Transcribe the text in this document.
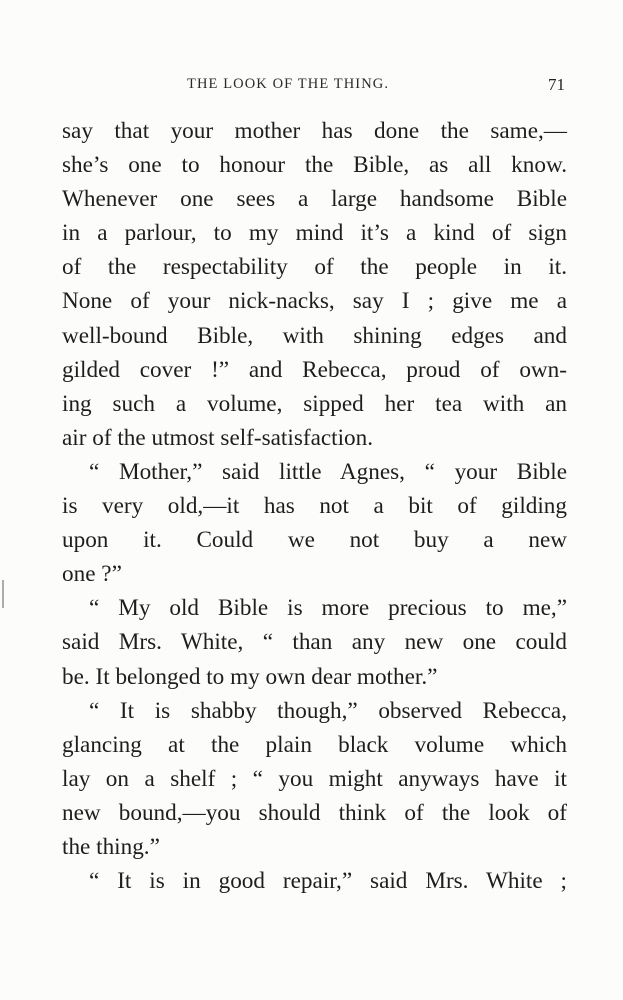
THE LOOK OF THE THING.	71
say that your mother has done the same,—
she’s one to honour the Bible, as all know.
Whenever one sees a large handsome Bible
in a parlour, to my mind it’s a kind of sign
of the respectability of the people in it.
None of your nick-nacks, say I ; give me a
well-bound Bible, with shining edges and
gilded cover !” and Rebecca, proud of own-
ing such a volume, sipped her tea with an
air of the utmost self-satisfaction.
“ Mother,” said little Agnes, “ your Bible
is very old,—it has not a bit of gilding
upon it. Could we not buy a new
one ?”
“ My old Bible is more precious to me,”
said Mrs. White, “ than any new one could
be. It belonged to my own dear mother.”
“ It is shabby though,” observed Rebecca,
glancing at the plain black volume which
lay on a shelf ; “ you might anyways have it
new bound,—you should think of the look of
the thing.”
“ It is in good repair,” said Mrs. White ;
